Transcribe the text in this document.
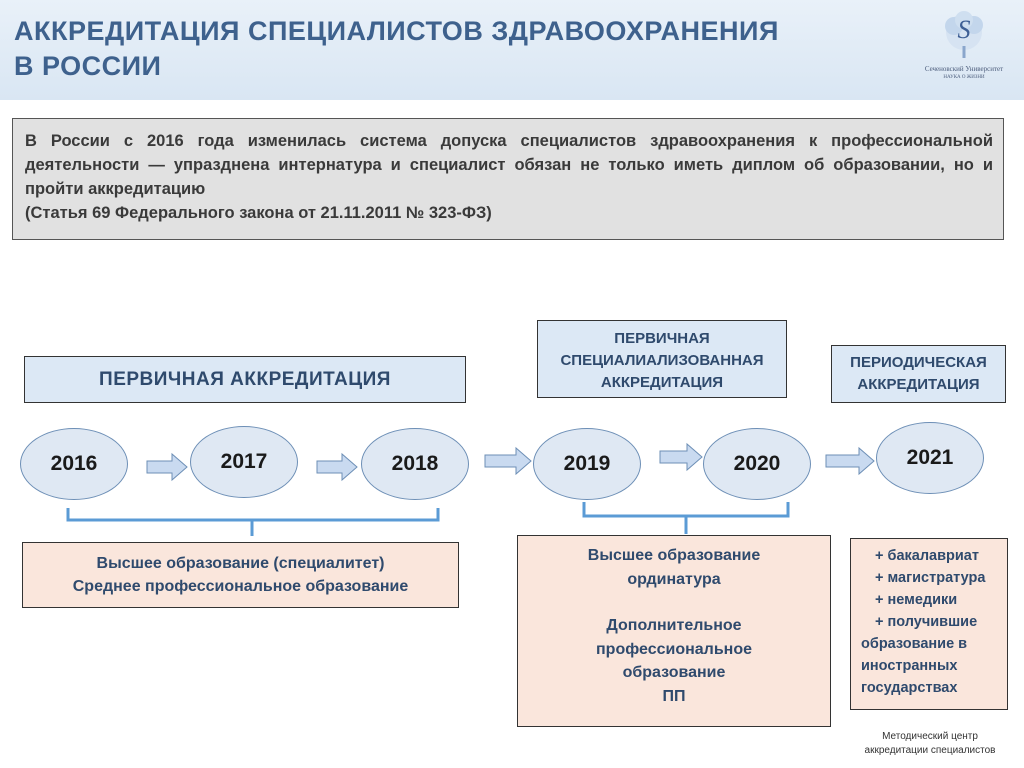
АККРЕДИТАЦИЯ СПЕЦИАЛИСТОВ ЗДРАВООХРАНЕНИЯ
В РОССИИ
S
Сеченовский Университет
НАУКА О ЖИЗНИ

В России с 2016 года изменилась система допуска специалистов здравоохранения к профессиональной деятельности — упразднена интернатура и специалист обязан не только иметь диплом об образовании, но и пройти аккредитацию

(Статья 69 Федерального закона от 21.11.2011 № 323-ФЗ)

ПЕРВИЧНАЯ АККРЕДИТАЦИЯ
ПЕРВИЧНАЯ
СПЕЦИАЛИАЛИЗОВАННАЯ
АККРЕДИТАЦИЯ
ПЕРИОДИЧЕСКАЯ
АККРЕДИТАЦИЯ
2016	2017	2018	2019	2020	2021
Высшее образование (специалитет)
Среднее профессиональное образование
Высшее образование
ординатура
Дополнительное
профессиональное
образование
ПП
+ бакалавриат
+ магистратура
+ немедики
+ получившие
образование в
иностранных
государствах
Методический центр
аккредитации специалистов
